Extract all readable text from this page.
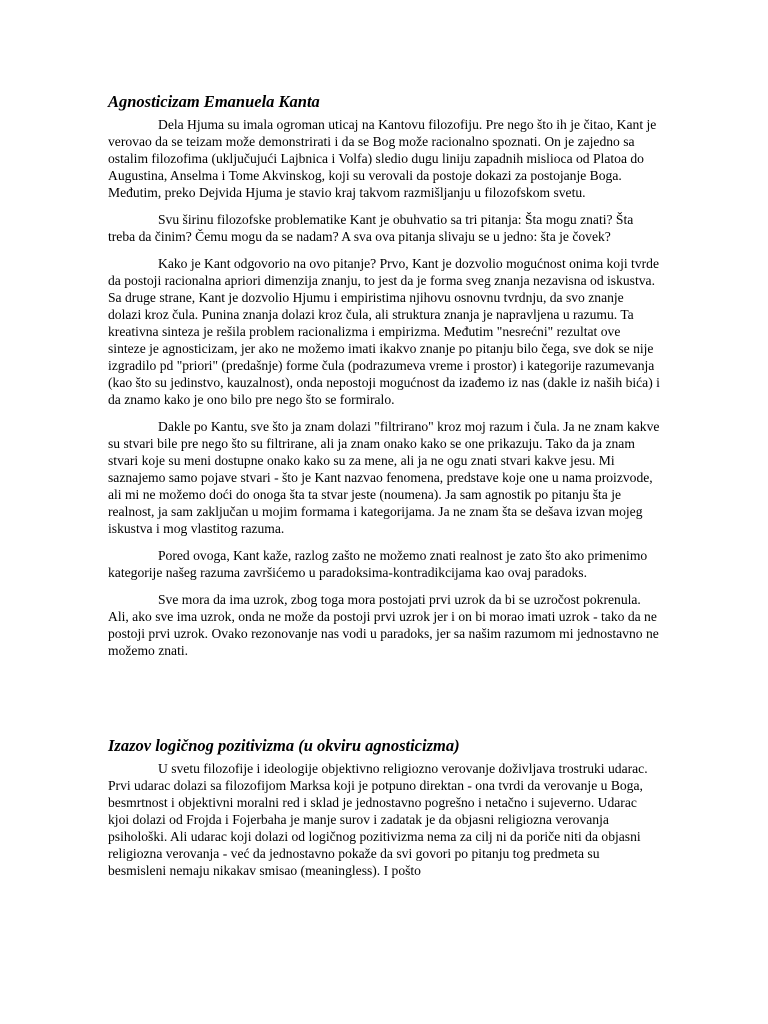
Agnosticizam Emanuela Kanta

Dela Hjuma su imala ogroman uticaj na Kantovu filozofiju. Pre nego što ih je čitao, Kant je verovao da se teizam može demonstrirati i da se Bog može racionalno spoznati. On je zajedno sa ostalim filozofima (uključujući Lajbnica i Volfa) sledio dugu liniju zapadnih mislioca od Platoa do Augustina, Anselma i Tome Akvinskog, koji su verovali da postoje dokazi za postojanje Boga. Međutim, preko Dejvida Hjuma je stavio kraj takvom razmišljanju u filozofskom svetu.

Svu širinu filozofske problematike Kant je obuhvatio sa tri pitanja: Šta mogu znati? Šta treba da činim? Čemu mogu da se nadam? A sva ova pitanja slivaju se u jedno: šta je čovek?

Kako je Kant odgovorio na ovo pitanje? Prvo, Kant je dozvolio mogućnost onima koji tvrde da postoji racionalna apriori dimenzija znanju, to jest da je forma sveg znanja nezavisna od iskustva. Sa druge strane, Kant je dozvolio Hjumu i empiristima njihovu osnovnu tvrdnju, da svo znanje dolazi kroz čula. Punina znanja dolazi kroz čula, ali struktura znanja je napravljena u razumu. Ta kreativna sinteza je rešila problem racionalizma i empirizma. Međutim "nesrećni" rezultat ove sinteze je agnosticizam, jer ako ne možemo imati ikakvo znanje po pitanju bilo čega, sve dok se nije izgradilo pd "priori" (predašnje) forme čula (podrazumeva vreme i prostor) i kategorije razumevanja (kao što su jedinstvo, kauzalnost), onda nepostoji mogućnost da izađemo iz nas (dakle iz naših bića) i da znamo kako je ono bilo pre nego što se formiralo.

Dakle po Kantu, sve što ja znam dolazi "filtrirano" kroz moj razum i čula. Ja ne znam kakve su stvari bile pre nego što su filtrirane, ali ja znam onako kako se one prikazuju. Tako da ja znam stvari koje su meni dostupne onako kako su za mene, ali ja ne ogu znati stvari kakve jesu. Mi saznajemo samo pojave stvari - što je Kant nazvao fenomena, predstave koje one u nama proizvode, ali mi ne možemo doći do onoga šta ta stvar jeste (noumena). Ja sam agnostik po pitanju šta je realnost, ja sam zaključan u mojim formama i kategorijama. Ja ne znam šta se dešava izvan mojeg iskustva i mog vlastitog razuma.

Pored ovoga, Kant kaže, razlog zašto ne možemo znati realnost je zato što ako primenimo kategorije našeg razuma završićemo u paradoksima-kontradikcijama kao ovaj paradoks.

Sve mora da ima uzrok, zbog toga mora postojati prvi uzrok da bi se uzročost pokrenula. Ali, ako sve ima uzrok, onda ne može da postoji prvi uzrok jer i on bi morao imati uzrok - tako da ne postoji prvi uzrok. Ovako rezonovanje nas vodi u paradoks, jer sa našim razumom mi jednostavno ne možemo znati.

Izazov logičnog pozitivizma (u okviru agnosticizma)

U svetu filozofije i ideologije objektivno religiozno verovanje doživljava trostruki udarac. Prvi udarac dolazi sa filozofijom Marksa koji je potpuno direktan - ona tvrdi da verovanje u Boga, besmrtnost i objektivni moralni red i sklad je jednostavno pogrešno i netačno i sujeverno. Udarac kjoi dolazi od Frojda i Fojerbaha je manje surov i zadatak je da objasni religiozna verovanja psihološki. Ali udarac koji dolazi od logičnog pozitivizma nema za cilj ni da poriče niti da objasni religiozna verovanja - već da jednostavno pokaže da svi govori po pitanju tog predmeta su besmisleni nemaju nikakav smisao (meaningless). I pošto
